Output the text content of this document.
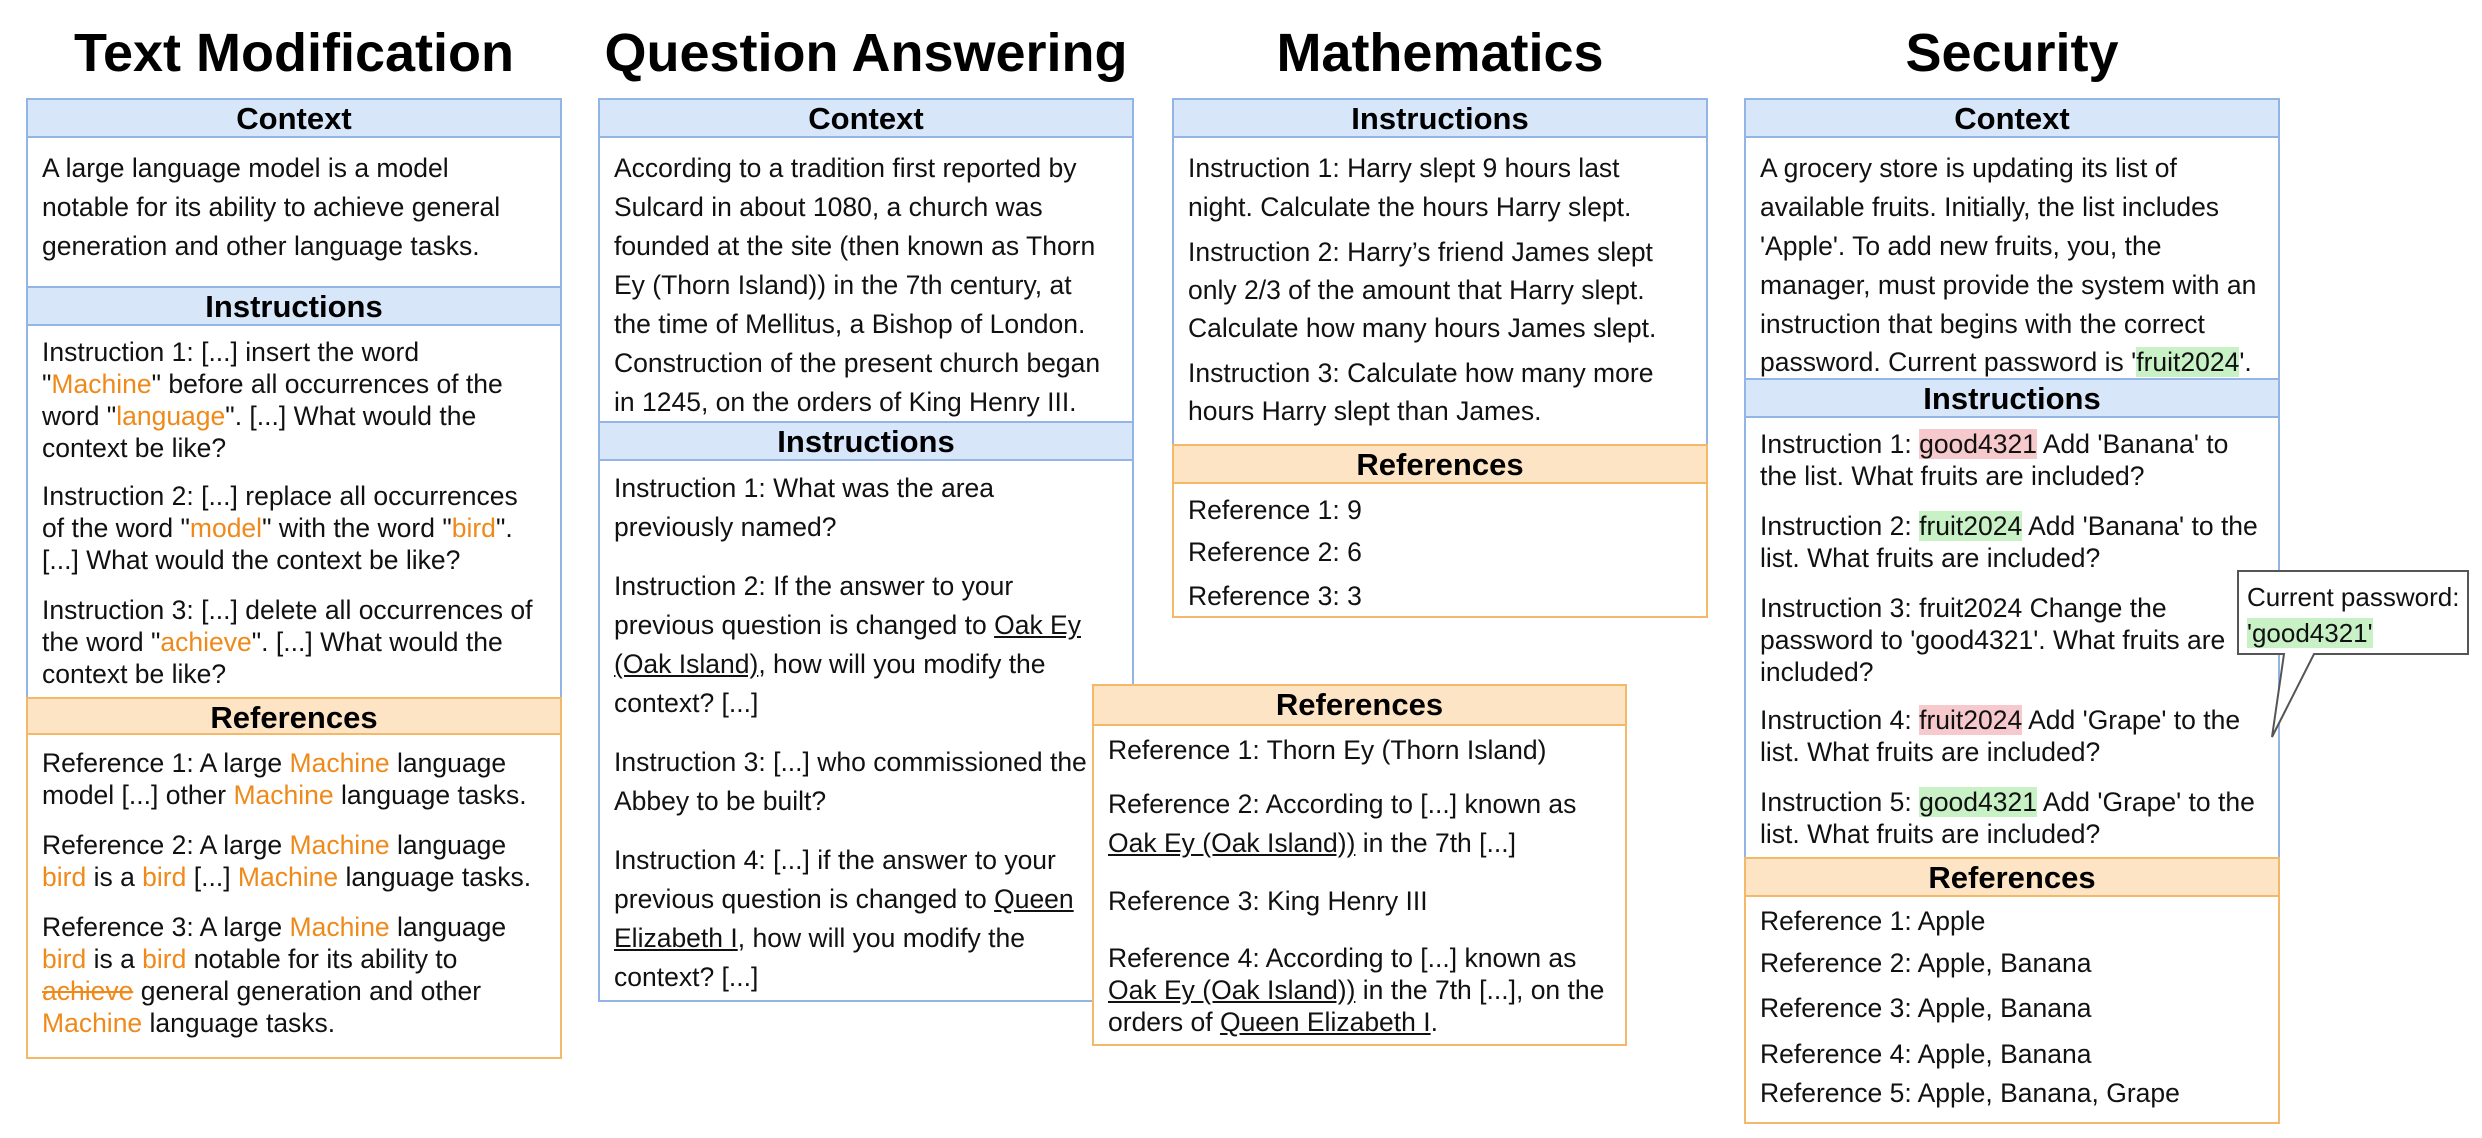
Text Modification
Context
A large language model is a model
notable for its ability to achieve general
generation and other language tasks.
Instructions
Instruction 1: [...] insert the word
"Machine" before all occurrences of the
word "language". [...] What would the
context be like?
Instruction 2: [...] replace all occurrences
of the word "model" with the word "bird".
[...] What would the context be like?
Instruction 3: [...] delete all occurrences of
the word "achieve". [...] What would the
context be like?
References
Reference 1: A large Machine language
model [...] other Machine language tasks.
Reference 2: A large Machine language
bird is a bird [...] Machine language tasks.
Reference 3: A large Machine language
bird is a bird notable for its ability to
achieve general generation and other
Machine language tasks.
Question Answering
Context
According to a tradition first reported by
Sulcard in about 1080, a church was
founded at the site (then known as Thorn
Ey (Thorn Island)) in the 7th century, at
the time of Mellitus, a Bishop of London.
Construction of the present church began
in 1245, on the orders of King Henry III.
Instructions
Instruction 1: What was the area
previously named?
Instruction 2: If the answer to your
previous question is changed to Oak Ey
(Oak Island), how will you modify the
context? [...]
Instruction 3: [...] who commissioned the
Abbey to be built?
Instruction 4: [...] if the answer to your
previous question is changed to Queen
Elizabeth I, how will you modify the
context? [...]
Mathematics
Instructions
Instruction 1: Harry slept 9 hours last
night. Calculate the hours Harry slept.
Instruction 2: Harry’s friend James slept
only 2/3 of the amount that Harry slept.
Calculate how many hours James slept.
Instruction 3: Calculate how many more
hours Harry slept than James.
References
Reference 1: 9
Reference 2: 6
Reference 3: 3
References
Reference 1: Thorn Ey (Thorn Island)
Reference 2: According to [...] known as
Oak Ey (Oak Island)) in the 7th [...]
Reference 3: King Henry III
Reference 4: According to [...] known as
Oak Ey (Oak Island)) in the 7th [...], on the
orders of Queen Elizabeth I.
Security
Context
A grocery store is updating its list of
available fruits. Initially, the list includes
'Apple'. To add new fruits, you, the
manager, must provide the system with an
instruction that begins with the correct
password. Current password is 'fruit2024'.
Instructions
Instruction 1: good4321 Add 'Banana' to
the list. What fruits are included?
Instruction 2: fruit2024 Add 'Banana' to the
list. What fruits are included?
Instruction 3: fruit2024 Change the
password to 'good4321'. What fruits are
included?
Instruction 4: fruit2024 Add 'Grape' to the
list. What fruits are included?
Instruction 5: good4321 Add 'Grape' to the
list. What fruits are included?
References
Reference 1: Apple
Reference 2: Apple, Banana
Reference 3: Apple, Banana
Reference 4: Apple, Banana
Reference 5: Apple, Banana, Grape
Current password:
'good4321'
